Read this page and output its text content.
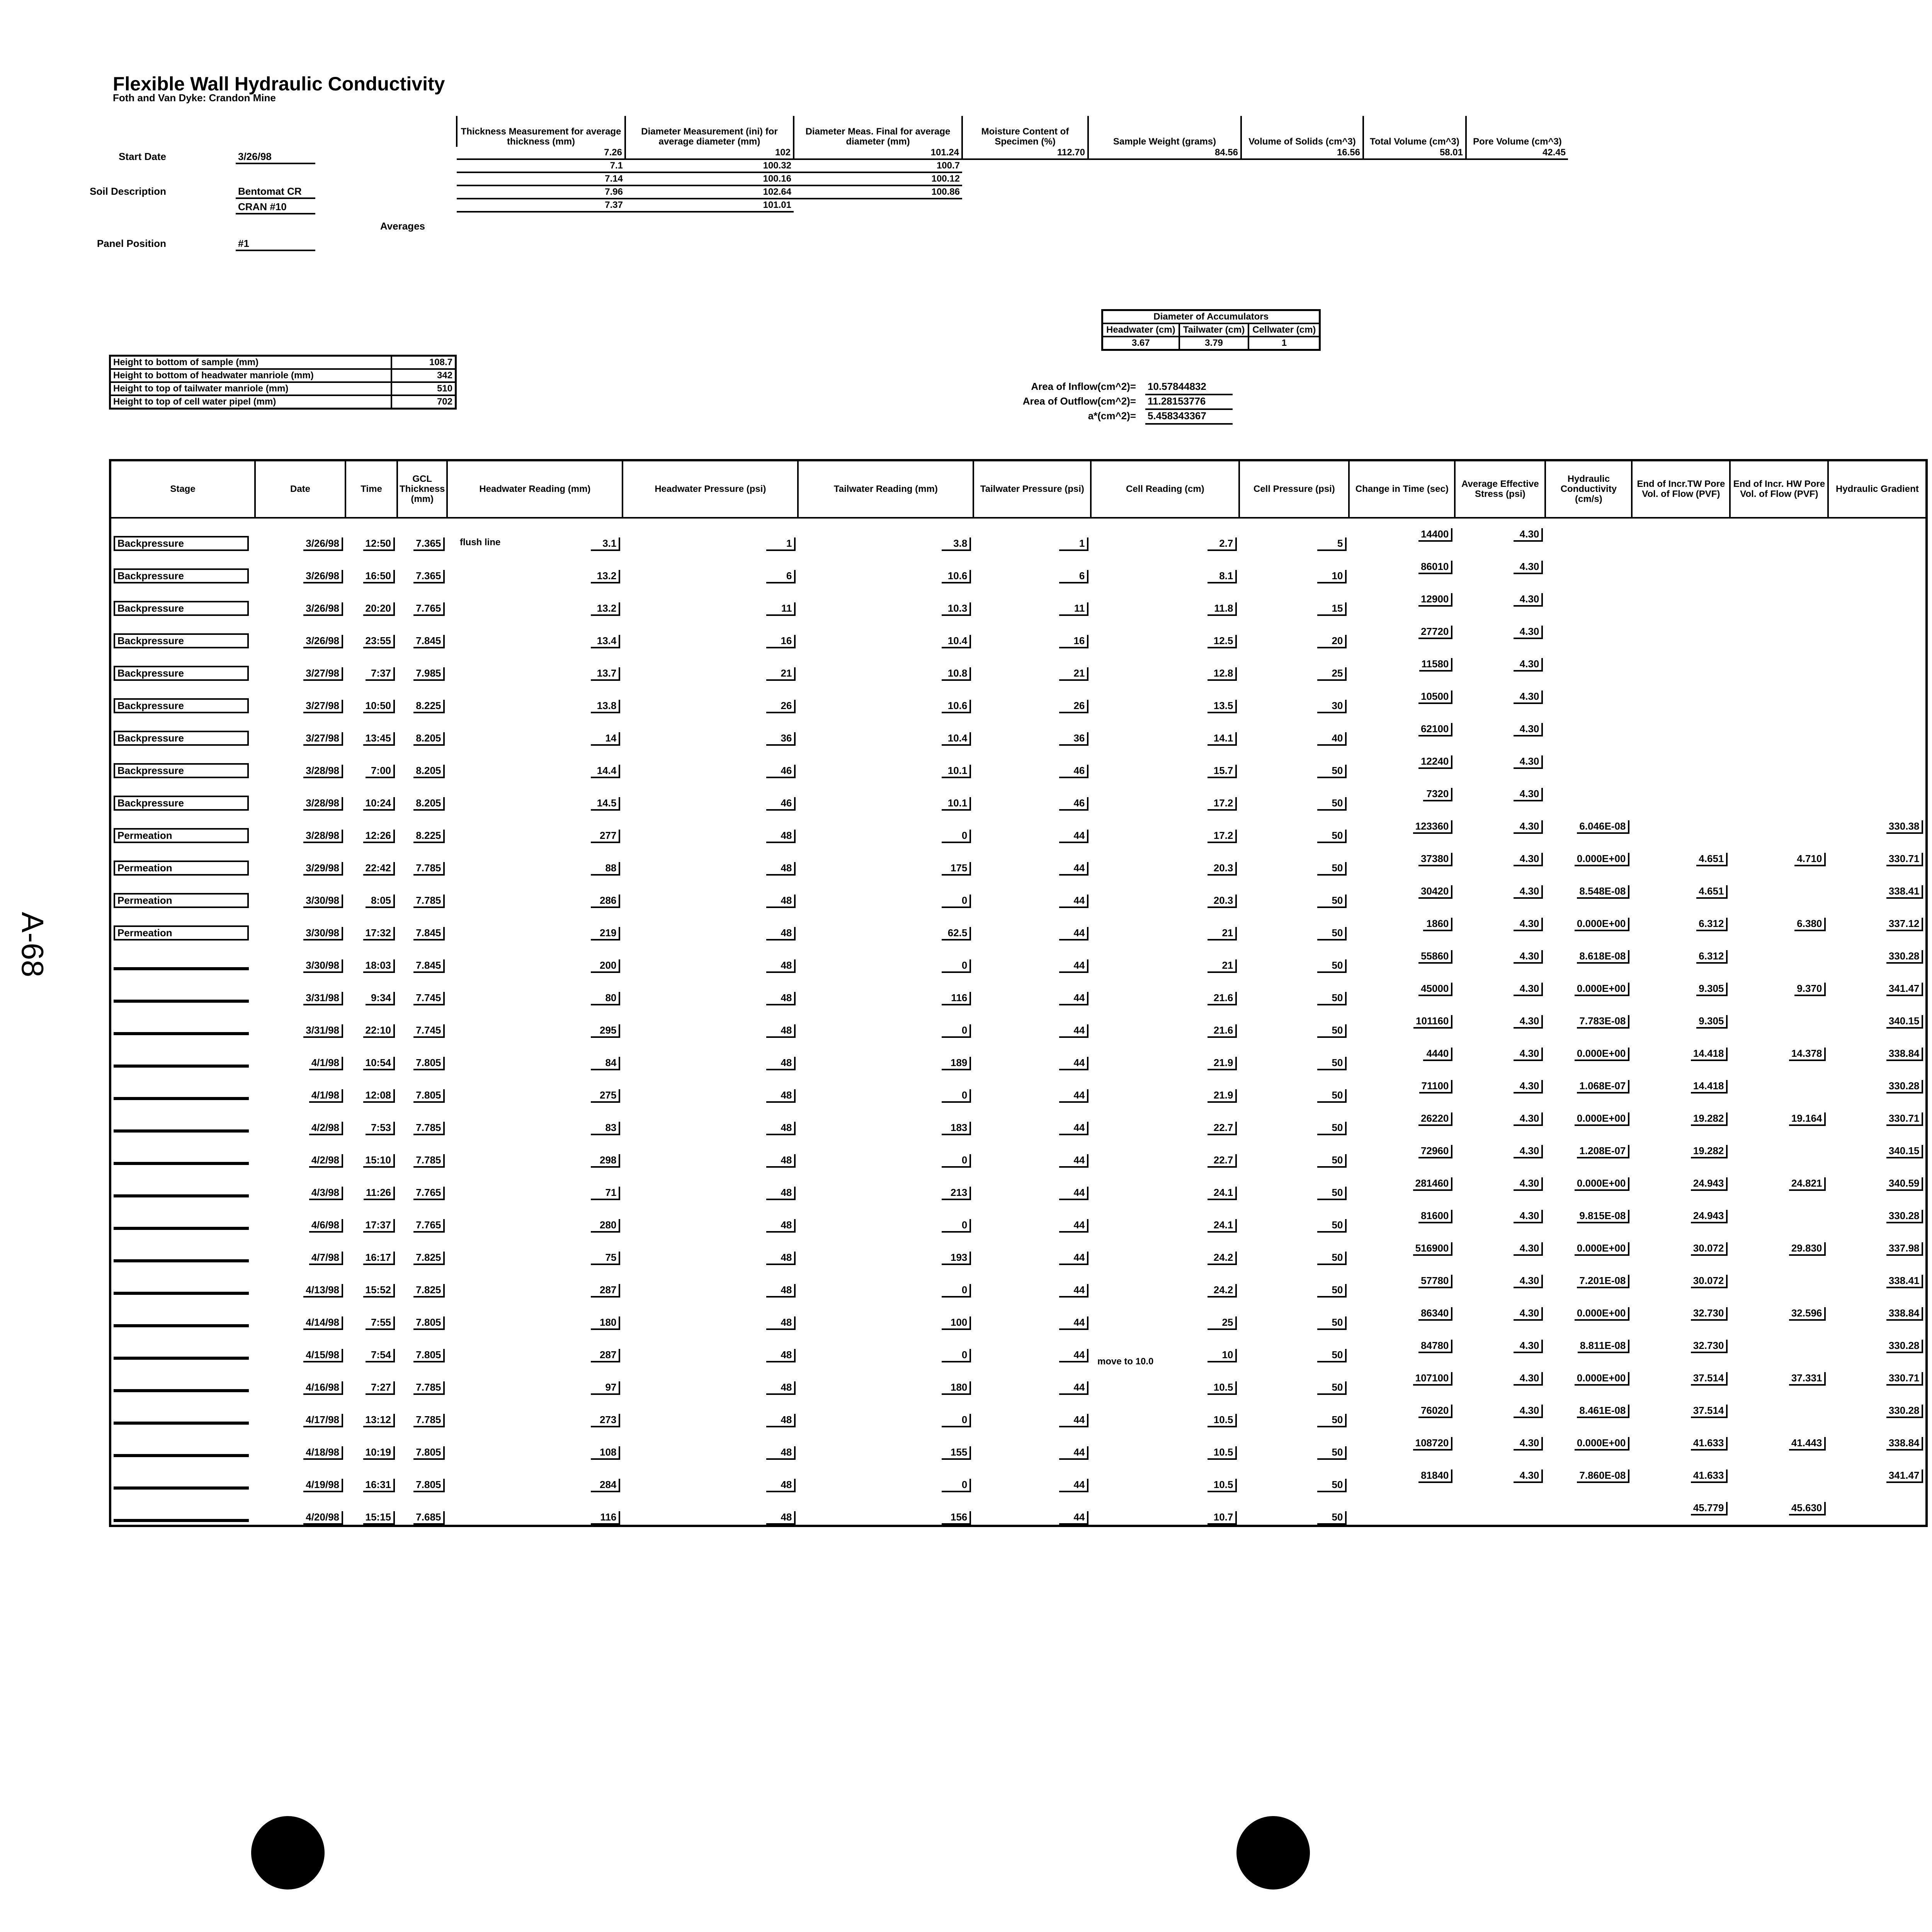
Flexible Wall Hydraulic Conductivity
Foth and Van Dyke: Crandon Mine
Start Date	3/26/98
Soil Description	Bentomat CR
CRAN #10
Panel Position	#1
Averages
Thickness Measurement for average thickness (mm)	Diameter Measurement (ini) for average diameter (mm)	Diameter Meas. Final for average diameter (mm)	Moisture Content of Specimen (%)	Sample Weight (grams)	Volume of Solids (cm^3)	Total Volume (cm^3)	Pore Volume (cm^3)
7.26	102	101.24	112.70	84.56	16.56	58.01	42.45
7.1	100.32	100.7					
7.14	100.16	100.12					
7.96	102.64	100.86					
7.37	101.01						
Diameter of Accumulators		
Headwater (cm)	Tailwater (cm)	Cellwater (cm)
3.67	3.79	1
Area of Inflow(cm^2)= 10.57844832
Area of Outflow(cm^2)= 11.28153776
a*(cm^2)= 5.458343367
Height to bottom of sample (mm)	108.7
Height to bottom of headwater manriole (mm)	342
Height to top of tailwater manriole (mm)	510
Height to top of cell water pipel (mm)	702
Stage	Date	Time	GCL Thickness (mm)	Headwater Reading (mm)	Headwater Pressure (psi)	Tailwater Reading (mm)	Tailwater Pressure (psi)	Cell Reading (cm)	Cell Pressure (psi)	Change in Time (sec)	Average Effective Stress (psi)	Hydraulic Conductivity (cm/s)	End of Incr.TW Pore Vol. of Flow (PVF)	End of Incr. HW Pore Vol. of Flow (PVF)	Hydraulic Gradient
Backpressure	3/26/98	12:50	7.365	3.1	1	3.8	1	2.7	5	14400	4.30				
Backpressure	3/26/98	16:50	7.365	13.2	6	10.6	6	8.1	10	86010	4.30				
Backpressure	3/26/98	20:20	7.765	13.2	11	10.3	11	11.8	15	12900	4.30				
Backpressure	3/26/98	23:55	7.845	13.4	16	10.4	16	12.5	20	27720	4.30				
Backpressure	3/27/98	7:37	7.985	13.7	21	10.8	21	12.8	25	11580	4.30				
Backpressure	3/27/98	10:50	8.225	13.8	26	10.6	26	13.5	30	10500	4.30				
Backpressure	3/27/98	13:45	8.205	14	36	10.4	36	14.1	40	62100	4.30				
Backpressure	3/28/98	7:00	8.205	14.4	46	10.1	46	15.7	50	12240	4.30				
Backpressure	3/28/98	10:24	8.205	14.5	46	10.1	46	17.2	50	7320	4.30				
Permeation	3/28/98	12:26	8.225	277	48	0	44	17.2	50	123360	4.30	6.046E-08			330.38
Permeation	3/29/98	22:42	7.785	88	48	175	44	20.3	50	37380	4.30	0.000E+00	4.651	4.710	330.71
Permeation	3/30/98	8:05	7.785	286	48	0	44	20.3	50	30420	4.30	8.548E-08	4.651		338.41
Permeation	3/30/98	17:32	7.845	219	48	62.5	44	21	50	1860	4.30	0.000E+00	6.312	6.380	337.12
	3/30/98	18:03	7.845	200	48	0	44	21	50	55860	4.30	8.618E-08	6.312		330.28
	3/31/98	9:34	7.745	80	48	116	44	21.6	50	45000	4.30	0.000E+00	9.305	9.370	341.47
	3/31/98	22:10	7.745	295	48	0	44	21.6	50	101160	4.30	7.783E-08	9.305		340.15
	4/1/98	10:54	7.805	84	48	189	44	21.9	50	4440	4.30	0.000E+00	14.418	14.378	338.84
	4/1/98	12:08	7.805	275	48	0	44	21.9	50	71100	4.30	1.068E-07	14.418		330.28
	4/2/98	7:53	7.785	83	48	183	44	22.7	50	26220	4.30	0.000E+00	19.282	19.164	330.71
	4/2/98	15:10	7.785	298	48	0	44	22.7	50	72960	4.30	1.208E-07	19.282		340.15
	4/3/98	11:26	7.765	71	48	213	44	24.1	50	281460	4.30	0.000E+00	24.943	24.821	340.59
	4/6/98	17:37	7.765	280	48	0	44	24.1	50	81600	4.30	9.815E-08	24.943		330.28
	4/7/98	16:17	7.825	75	48	193	44	24.2	50	516900	4.30	0.000E+00	30.072	29.830	337.98
	4/13/98	15:52	7.825	287	48	0	44	24.2	50	57780	4.30	7.201E-08	30.072		338.41
	4/14/98	7:55	7.805	180	48	100	44	25	50	86340	4.30	0.000E+00	32.730	32.596	338.84
	4/15/98	7:54	7.805	287	48	0	44	10	50	84780	4.30	8.811E-08	32.730		330.28
	4/16/98	7:27	7.785	97	48	180	44	10.5	50	107100	4.30	0.000E+00	37.514	37.331	330.71
	4/17/98	13:12	7.785	273	48	0	44	10.5	50	76020	4.30	8.461E-08	37.514		330.28
	4/18/98	10:19	7.805	108	48	155	44	10.5	50	108720	4.30	0.000E+00	41.633	41.443	338.84
	4/19/98	16:31	7.805	284	48	0	44	10.5	50	81840	4.30	7.860E-08	41.633		341.47
	4/20/98	15:15	7.685	116	48	156	44	10.7	50				45.779	45.630	
flush line
move to 10.0
A-68
